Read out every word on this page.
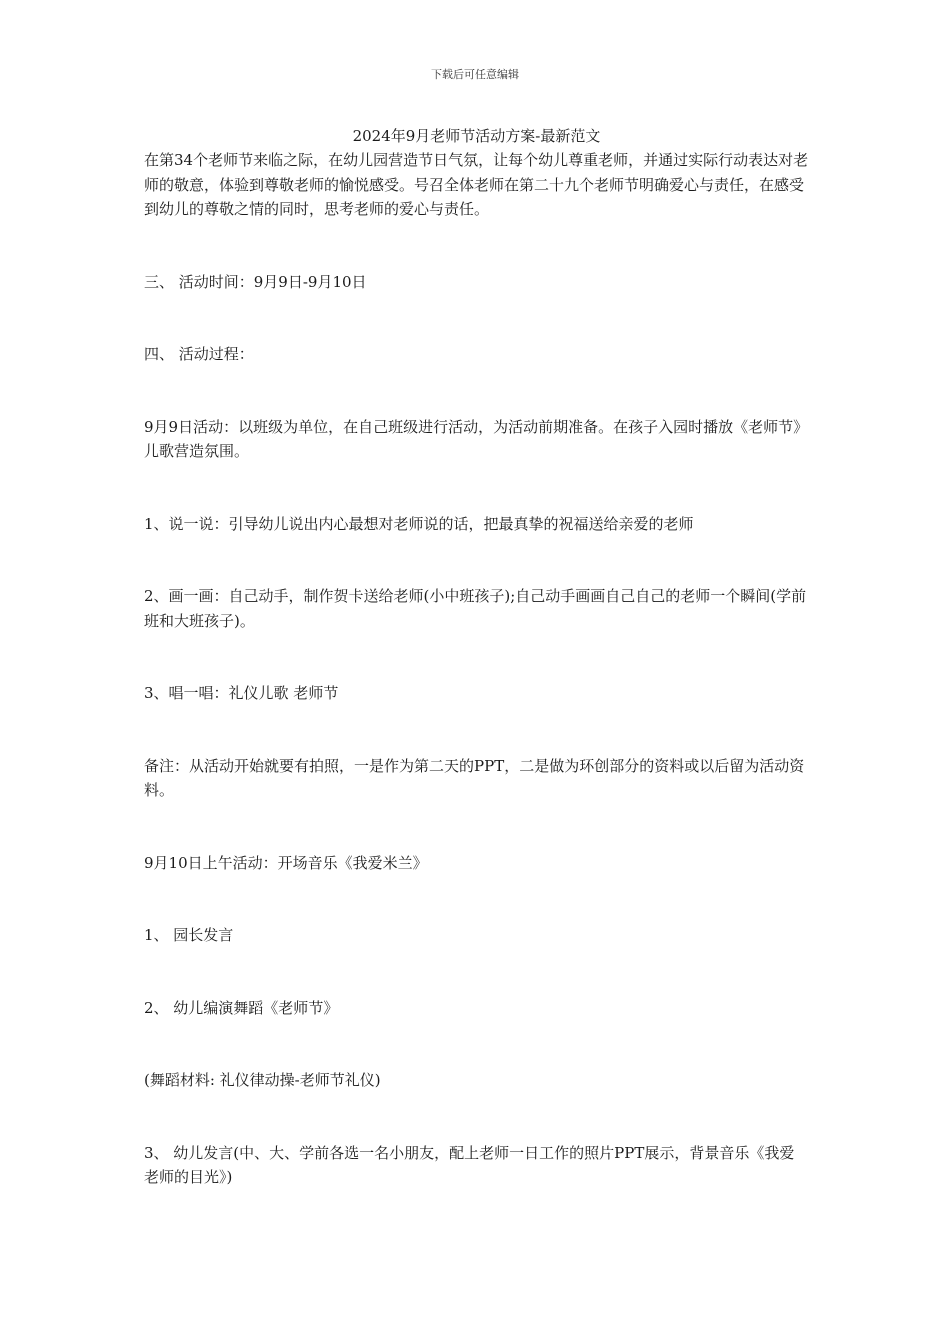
下载后可任意编辑
2024年9月老师节活动方案-最新范文

在第34个老师节来临之际，在幼儿园营造节日气氛，让每个幼儿尊重老师，并通过实际行动表达对老师的敬意，体验到尊敬老师的愉悦感受。号召全体老师在第二十九个老师节明确爱心与责任，在感受到幼儿的尊敬之情的同时，思考老师的爱心与责任。

三、 活动时间：9月9日-9月10日

四、 活动过程：

9月9日活动：以班级为单位，在自己班级进行活动，为活动前期准备。在孩子入园时播放《老师节》儿歌营造氛围。

1、说一说：引导幼儿说出内心最想对老师说的话，把最真挚的祝福送给亲爱的老师

2、画一画：自己动手，制作贺卡送给老师(小中班孩子);自己动手画画自己自己的老师一个瞬间(学前班和大班孩子)。

3、唱一唱：礼仪儿歌 老师节

备注：从活动开始就要有拍照，一是作为第二天的PPT，二是做为环创部分的资料或以后留为活动资料。

9月10日上午活动：开场音乐《我爱米兰》

1、 园长发言

2、 幼儿编演舞蹈《老师节》

(舞蹈材料: 礼仪律动操-老师节礼仪)

3、 幼儿发言(中、大、学前各选一名小朋友，配上老师一日工作的照片PPT展示，背景音乐《我爱老师的目光》)
